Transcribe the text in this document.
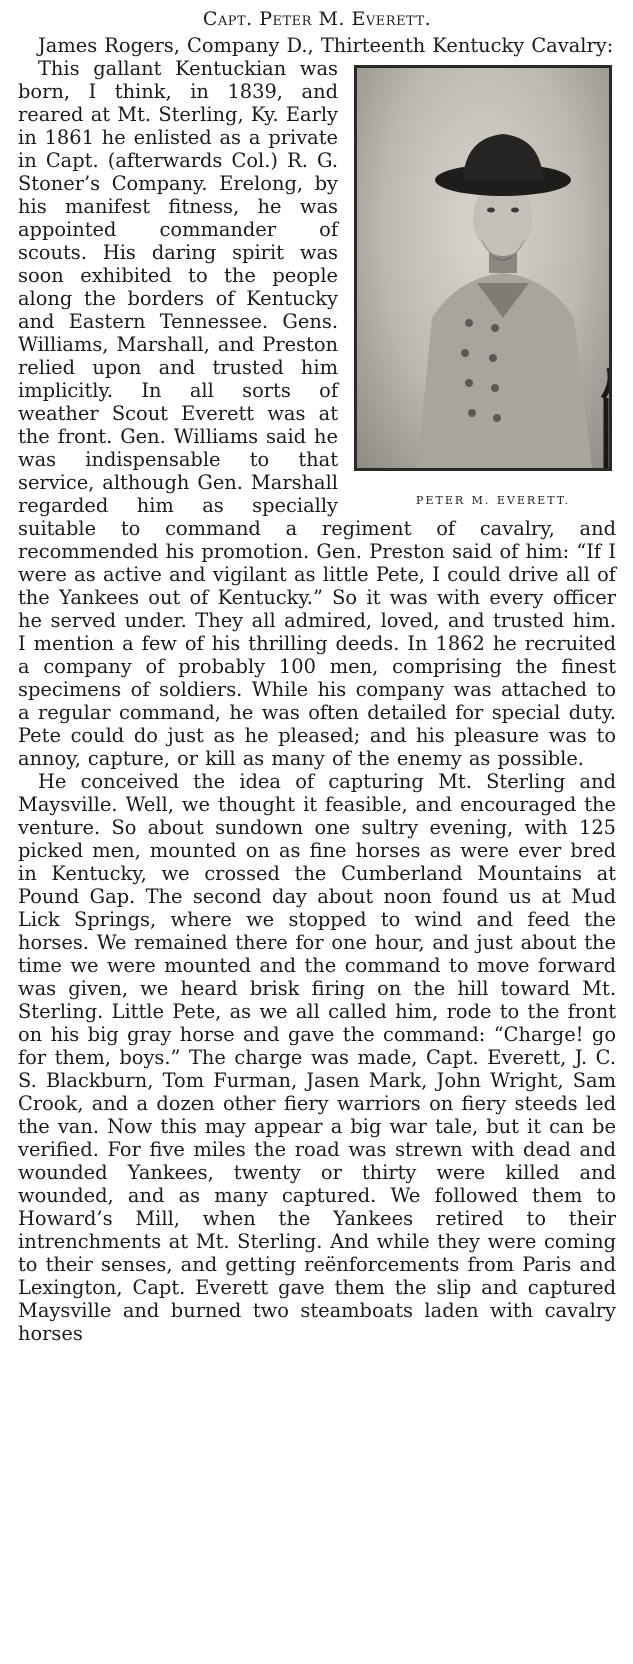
Capt. Peter M. Everett.

James Rogers, Company D., Thirteenth Kentucky Cavalry:

PETER M. EVERETT.
This gallant Kentuckian was born, I think, in 1839, and reared at Mt. Sterling, Ky. Early in 1861 he enlisted as a private in Capt. (afterwards Col.) R. G. Stoner’s Company. Erelong, by his manifest fitness, he was appointed commander of scouts. His daring spirit was soon exhibited to the people along the borders of Kentucky and Eastern Tennessee. Gens. Williams, Marshall, and Preston relied upon and trusted him implicitly. In all sorts of weather Scout Everett was at the front. Gen. Williams said he was indispensable to that service, although Gen. Marshall regarded him as specially suitable to command a regiment of cavalry, and recommended his promotion. Gen. Preston said of him: “If I were as active and vigilant as little Pete, I could drive all of the Yankees out of Kentucky.” So it was with every officer he served under. They all admired, loved, and trusted him. I mention a few of his thrilling deeds. In 1862 he recruited a company of probably 100 men, comprising the finest specimens of soldiers. While his company was attached to a regular command, he was often detailed for special duty. Pete could do just as he pleased; and his pleasure was to annoy, capture, or kill as many of the enemy as possible.

He conceived the idea of capturing Mt. Sterling and Maysville. Well, we thought it feasible, and encouraged the venture. So about sundown one sultry evening, with 125 picked men, mounted on as fine horses as were ever bred in Kentucky, we crossed the Cumberland Mountains at Pound Gap. The second day about noon found us at Mud Lick Springs, where we stopped to wind and feed the horses. We remained there for one hour, and just about the time we were mounted and the command to move forward was given, we heard brisk firing on the hill toward Mt. Sterling. Little Pete, as we all called him, rode to the front on his big gray horse and gave the command: “Charge! go for them, boys.” The charge was made, Capt. Everett, J. C. S. Blackburn, Tom Furman, Jasen Mark, John Wright, Sam Crook, and a dozen other fiery warriors on fiery steeds led the van. Now this may appear a big war tale, but it can be verified. For five miles the road was strewn with dead and wounded Yankees, twenty or thirty were killed and wounded, and as many captured. We followed them to Howard’s Mill, when the Yankees retired to their intrenchments at Mt. Sterling. And while they were coming to their senses, and getting reënforcements from Paris and Lexington, Capt. Everett gave them the slip and captured Maysville and burned two steamboats laden with cavalry horses
